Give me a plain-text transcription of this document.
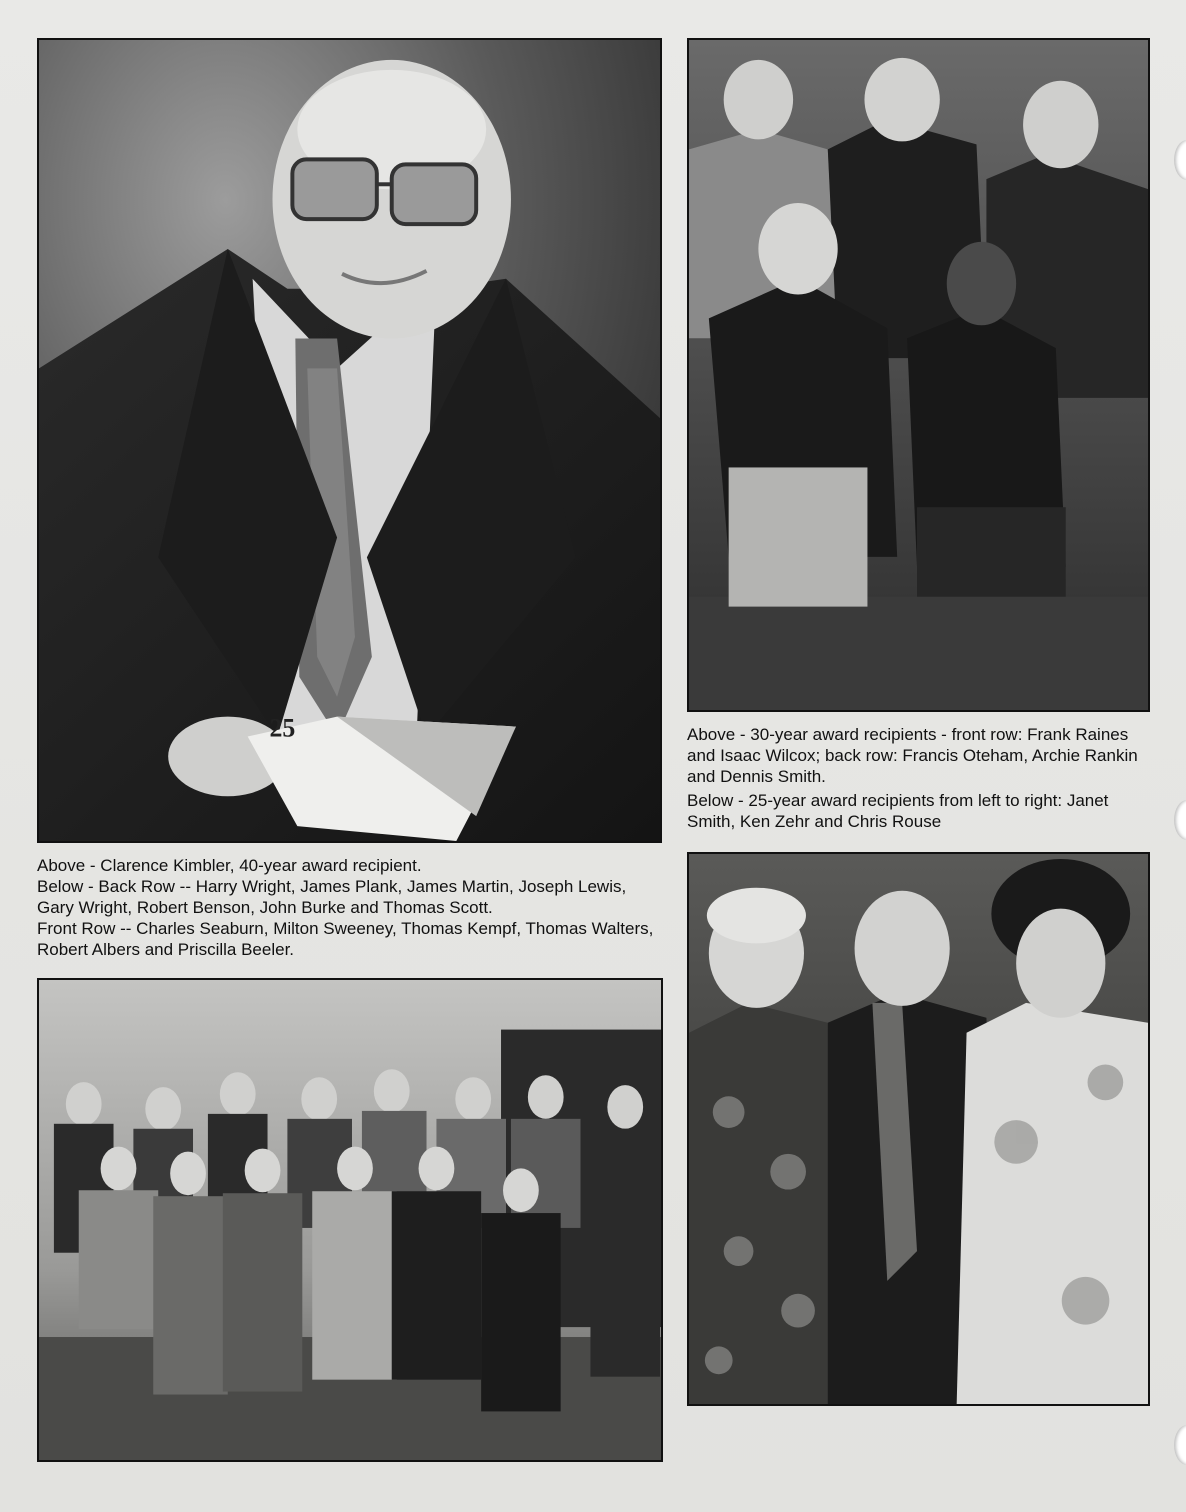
25	Above - 30-year award recipients - front row: Frank Raines and Isaac Wilcox; back row: Francis Oteham, Archie Rankin and Dennis Smith.

Below - 25-year award recipients from left to right: Janet Smith, Ken Zehr and Chris Rouse

Above - Clarence Kimbler, 40-year award recipient.

Below - Back Row -- Harry Wright, James Plank, James Martin, Joseph Lewis, Gary Wright, Robert Benson, John Burke and Thomas Scott.

Front Row -- Charles Seaburn, Milton Sweeney, Thomas Kempf, Thomas Walters, Robert Albers and Priscilla Beeler.
